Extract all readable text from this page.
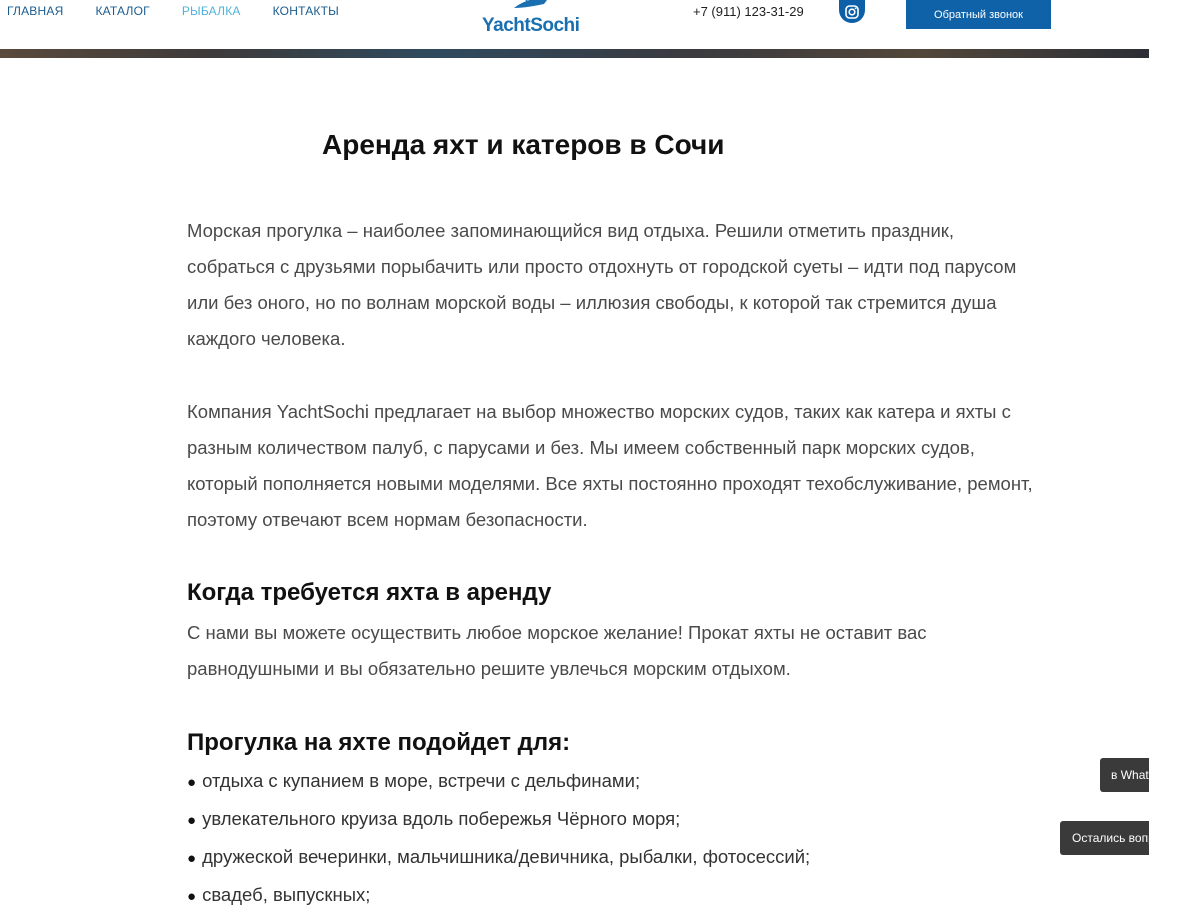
ГЛАВНАЯ	КАТАЛОГ	РЫБАЛКА	КОНТАКТЫ
YachtSochi
+7 (911) 123-31-29	Обратный звонок
Аренда яхт и катеров в Сочи

Морская прогулка – наиболее запоминающийся вид отдыха. Решили отметить праздник, собраться с друзьями порыбачить или просто отдохнуть от городской суеты – идти под парусом или без оного, но по волнам морской воды – иллюзия свободы, к которой так стремится душа каждого человека.

Компания YachtSochi предлагает на выбор множество морских судов, таких как катера и яхты с разным количеством палуб, с парусами и без. Мы имеем собственный парк морских судов, который пополняется новыми моделями. Все яхты постоянно проходят техобслуживание, ремонт, поэтому отвечают всем нормам безопасности.

Когда требуется яхта в аренду

С нами вы можете осуществить любое морское желание! Прокат яхты не оставит вас равнодушными и вы обязательно решите увлечься морским отдыхом.

Прогулка на яхте подойдет для:
● отдыха с купанием в море, встречи с дельфинами;
● увлекательного круиза вдоль побережья Чёрного моря;
● дружеской вечеринки, мальчишника/девичника, рыбалки, фотосессий;
● свадеб, выпускных;
в WhatsApp
Остались вопросы?
